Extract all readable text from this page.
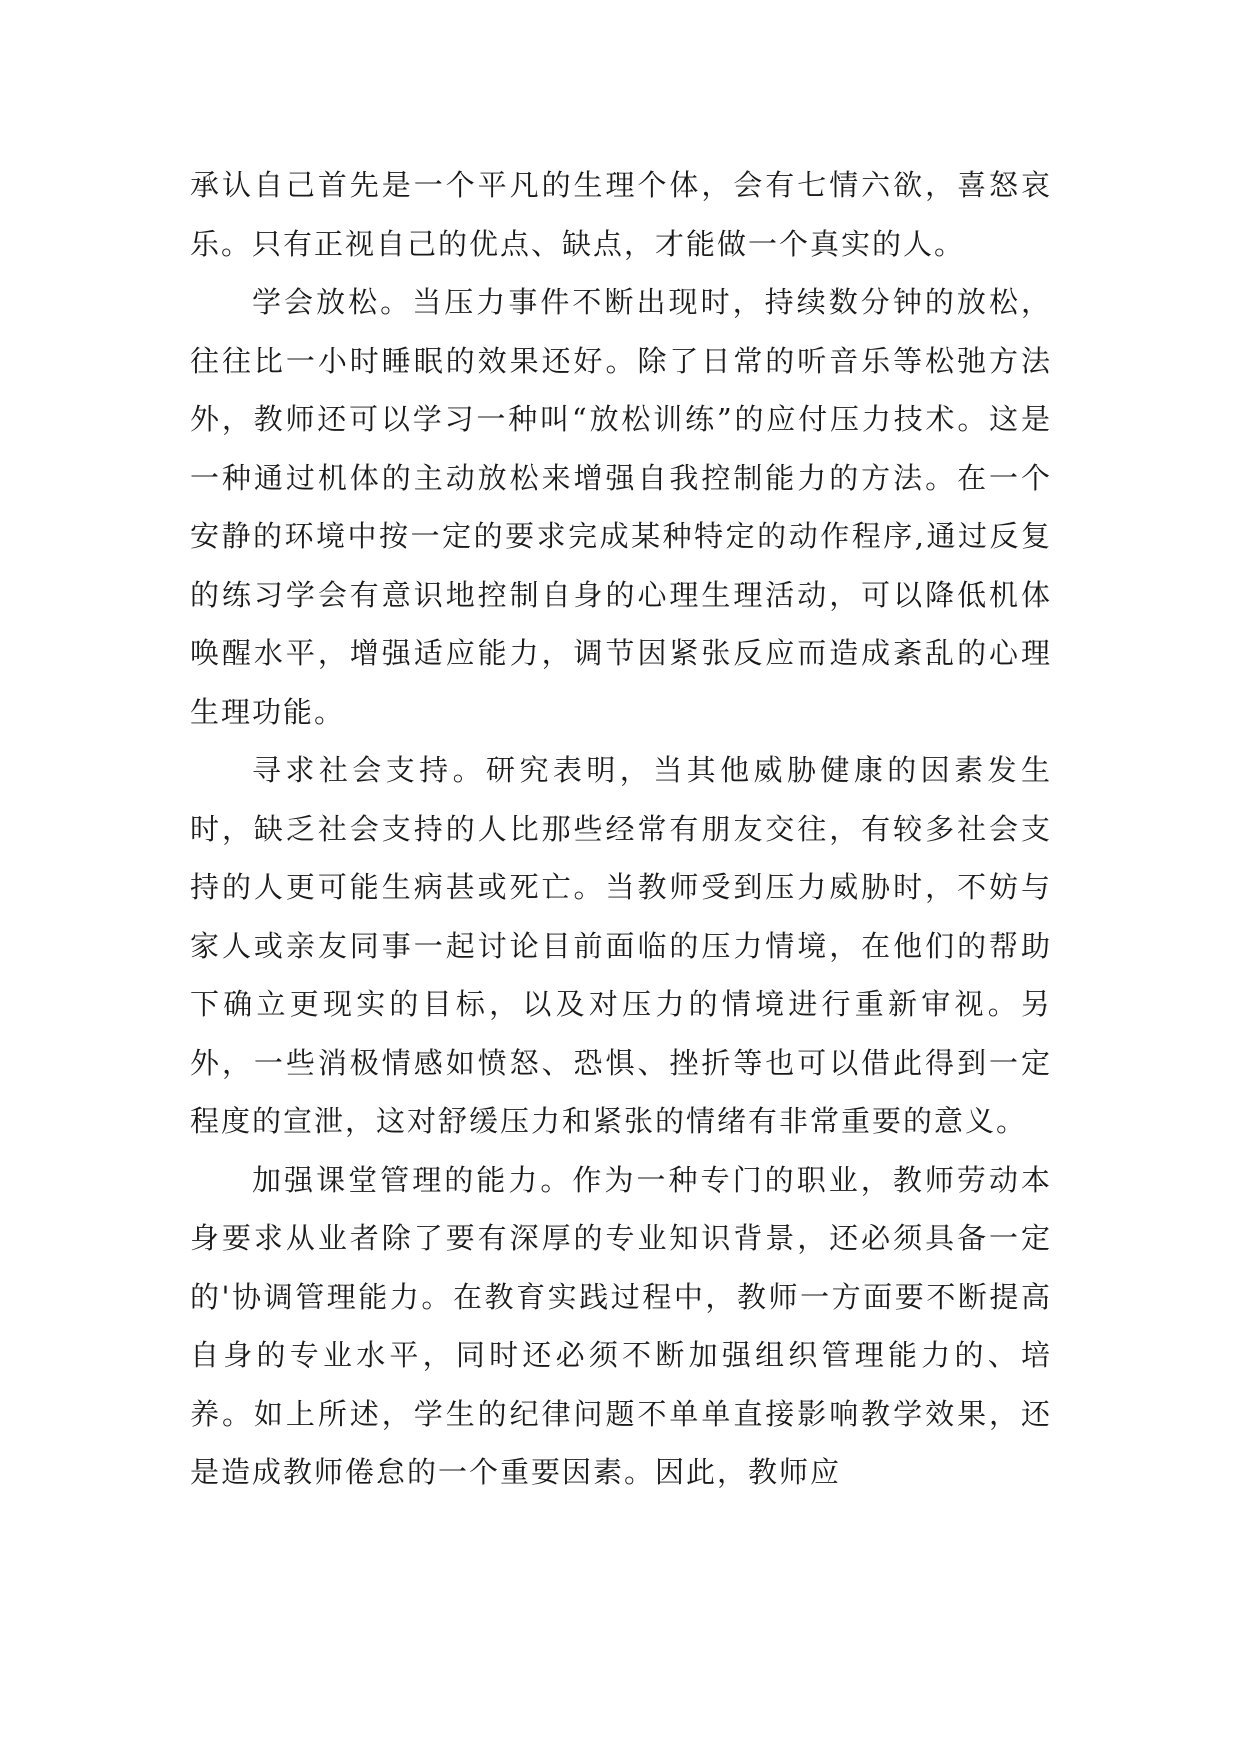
承认自己首先是一个平凡的生理个体，会有七情六欲，喜怒哀乐。只有正视自己的优点、缺点，才能做一个真实的人。

学会放松。当压力事件不断出现时，持续数分钟的放松，往往比一小时睡眠的效果还好。除了日常的听音乐等松弛方法外，教师还可以学习一种叫“放松训练”的应付压力技术。这是一种通过机体的主动放松来增强自我控制能力的方法。在一个安静的环境中按一定的要求完成某种特定的动作程序,通过反复的练习学会有意识地控制自身的心理生理活动，可以降低机体唤醒水平，增强适应能力，调节因紧张反应而造成紊乱的心理生理功能。

寻求社会支持。研究表明，当其他威胁健康的因素发生时，缺乏社会支持的人比那些经常有朋友交往，有较多社会支持的人更可能生病甚或死亡。当教师受到压力威胁时，不妨与家人或亲友同事一起讨论目前面临的压力情境，在他们的帮助下确立更现实的目标，以及对压力的情境进行重新审视。另外，一些消极情感如愤怒、恐惧、挫折等也可以借此得到一定程度的宣泄，这对舒缓压力和紧张的情绪有非常重要的意义。

加强课堂管理的能力。作为一种专门的职业，教师劳动本身要求从业者除了要有深厚的专业知识背景，还必须具备一定的'协调管理能力。在教育实践过程中，教师一方面要不断提高自身的专业水平，同时还必须不断加强组织管理能力的、培养。如上所述，学生的纪律问题不单单直接影响教学效果，还是造成教师倦怠的一个重要因素。因此，教师应
